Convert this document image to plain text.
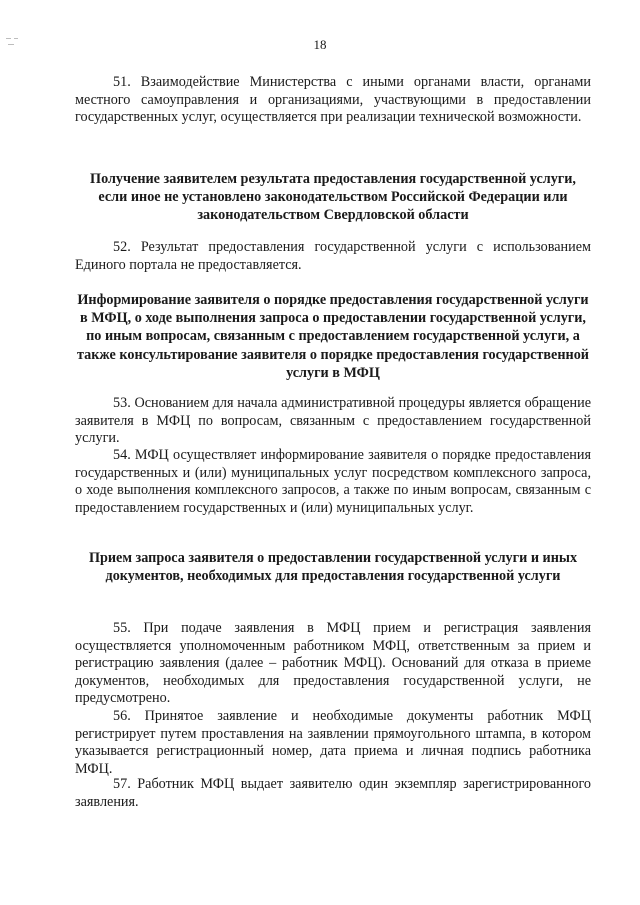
18

51. Взаимодействие Министерства с иными органами власти, органами местного самоуправления и организациями, участвующими в предоставлении государственных услуг, осуществляется при реализации технической возможности.

Получение заявителем результата предоставления государственной услуги, если иное не установлено законодательством Российской Федерации или законодательством Свердловской области

52. Результат предоставления государственной услуги с использованием Единого портала не предоставляется.

Информирование заявителя о порядке предоставления государственной услуги в МФЦ, о ходе выполнения запроса о предоставлении государственной услуги, по иным вопросам, связанным с предоставлением государственной услуги, а также консультирование заявителя о порядке предоставления государственной услуги в МФЦ

53. Основанием для начала административной процедуры является обращение заявителя в МФЦ по вопросам, связанным с предоставлением государственной услуги.

54. МФЦ осуществляет информирование заявителя о порядке предоставления государственных и (или) муниципальных услуг посредством комплексного запроса, о ходе выполнения комплексного запросов, а также по иным вопросам, связанным с предоставлением государственных и (или) муниципальных услуг.

Прием запроса заявителя о предоставлении государственной услуги и иных документов, необходимых для предоставления государственной услуги

55. При подаче заявления в МФЦ прием и регистрация заявления осуществляется уполномоченным работником МФЦ, ответственным за прием и регистрацию заявления (далее – работник МФЦ). Оснований для отказа в приеме документов, необходимых для предоставления государственной услуги, не предусмотрено.

56. Принятое заявление и необходимые документы работник МФЦ регистрирует путем проставления на заявлении прямоугольного штампа, в котором указывается регистрационный номер, дата приема и личная подпись работника МФЦ.

57. Работник МФЦ выдает заявителю один экземпляр зарегистрированного заявления.
